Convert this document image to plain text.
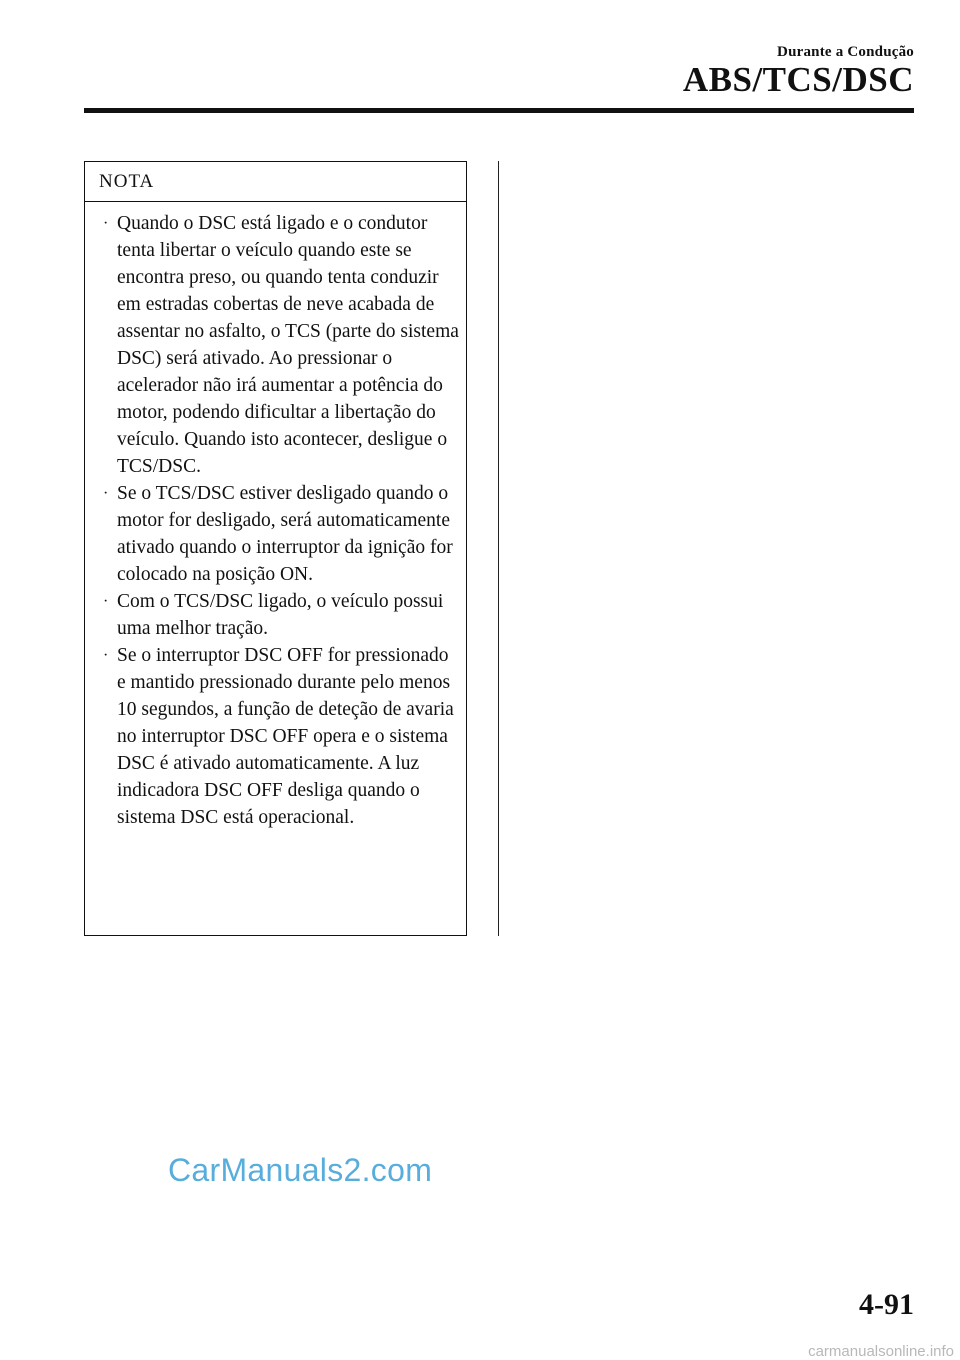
Durante a Condução
ABS/TCS/DSC
NOTA
· Quando o DSC está ligado e o condutor tenta libertar o veículo quando este se encontra preso, ou quando tenta conduzir em estradas cobertas de neve acabada de assentar no asfalto, o TCS (parte do sistema DSC) será ativado. Ao pressionar o acelerador não irá aumentar a potência do motor, podendo dificultar a libertação do veículo. Quando isto acontecer, desligue o TCS/DSC.
· Se o TCS/DSC estiver desligado quando o motor for desligado, será automaticamente ativado quando o interruptor da ignição for colocado na posição ON.
· Com o TCS/DSC ligado, o veículo possui uma melhor tração.
· Se o interruptor DSC OFF for pressionado e mantido pressionado durante pelo menos 10 segundos, a função de deteção de avaria no interruptor DSC OFF opera e o sistema DSC é ativado automaticamente. A luz indicadora DSC OFF desliga quando o sistema DSC está operacional.
CarManuals2.com
4-91
carmanualsonline.info
